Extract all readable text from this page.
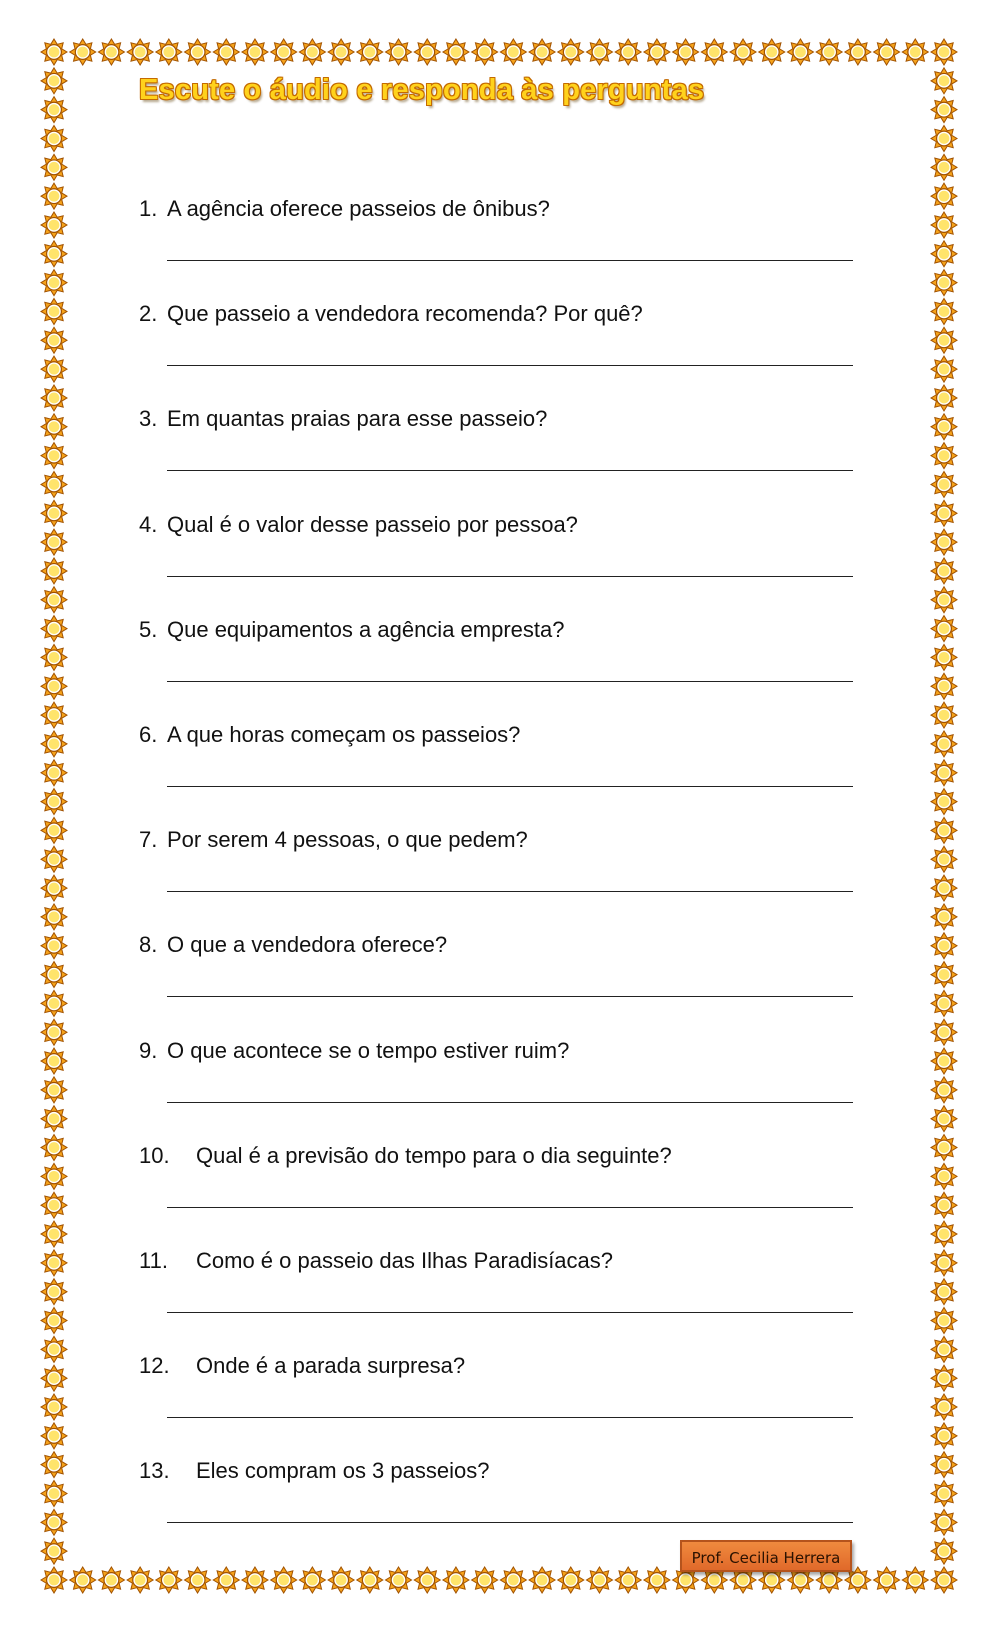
Escute o áudio e responda às perguntas
1. A agência oferece passeios de ônibus?
2. Que passeio a vendedora recomenda? Por quê?
3. Em quantas praias para esse passeio?
4. Qual é o valor desse passeio por pessoa?
5. Que equipamentos a agência empresta?
6. A que horas começam os passeios?
7. Por serem 4 pessoas, o que pedem?
8. O que a vendedora oferece?
9. O que acontece se o tempo estiver ruim?
10. Qual é a previsão do tempo para o dia seguinte?
11. Como é o passeio das Ilhas Paradisíacas?
12. Onde é a parada surpresa?
13. Eles compram os 3 passeios?
Prof. Cecilia Herrera
